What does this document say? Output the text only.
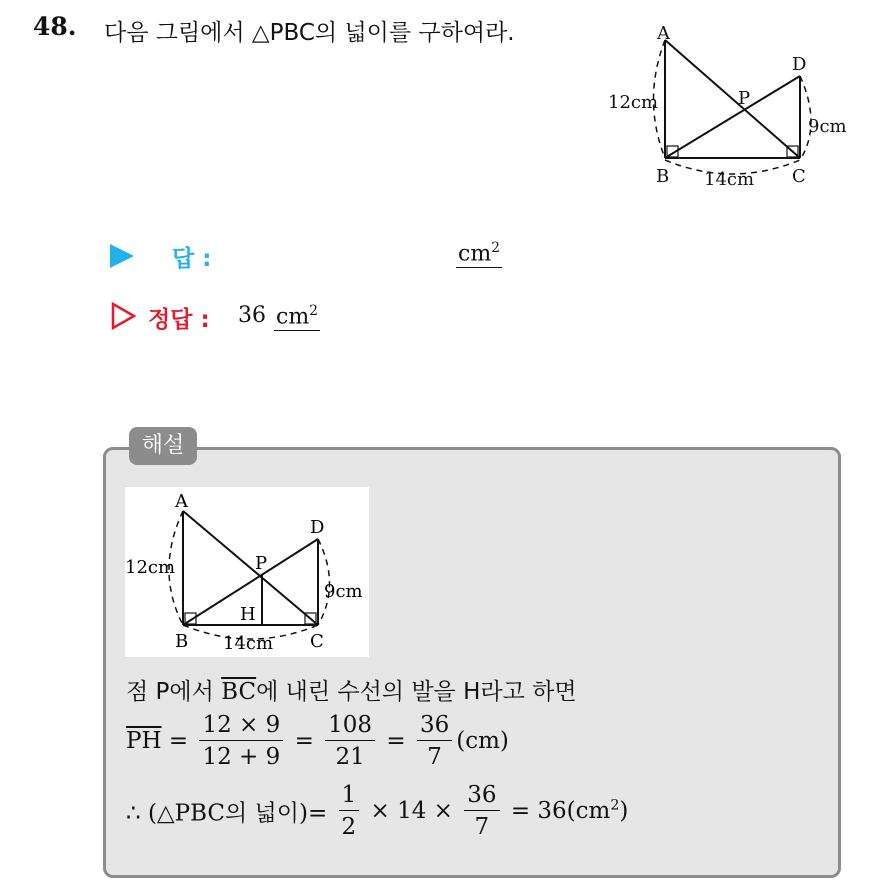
48. 다음 그림에서 △PBC의 넓이를 구하여라.	A
B	C
D
P
12cm
9cm
14cm
답 :	$cm^2$
정답 : 36 $cm^2$
해설
A
B	C
D
P
H
12cm
9cm
14cm
점 P에서 $\overline{BC}$에 내린 수선의 발을 H라고 하면
$\overline{PH} = \frac{12 \times 9}{12 + 9} = \frac{108}{21} = \frac{36}{7} (cm)$
∴ (△PBC의 넓이)= $\frac{1}{2} \times 14 \times \frac{36}{7} = 36(cm^2)$
